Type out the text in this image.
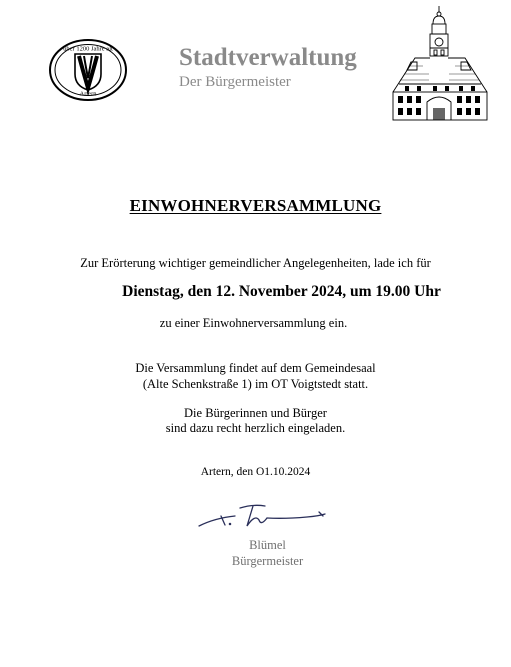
über 1200 Jahre alt
Artern
Stadtverwaltung
Der Bürgermeister
EINWOHNERVERSAMMLUNG
Zur Erörterung wichtiger gemeindlicher Angelegenheiten, lade ich für
Dienstag, den 12. November 2024, um 19.00 Uhr
zu einer Einwohnerversammlung ein.
Die Versammlung findet auf dem Gemeindesaal
(Alte Schenkstraße 1) im OT Voigtstedt statt.
Die Bürgerinnen und Bürger
sind dazu recht herzlich eingeladen.
Artern, den O1.10.2024
Blümel
Bürgermeister
